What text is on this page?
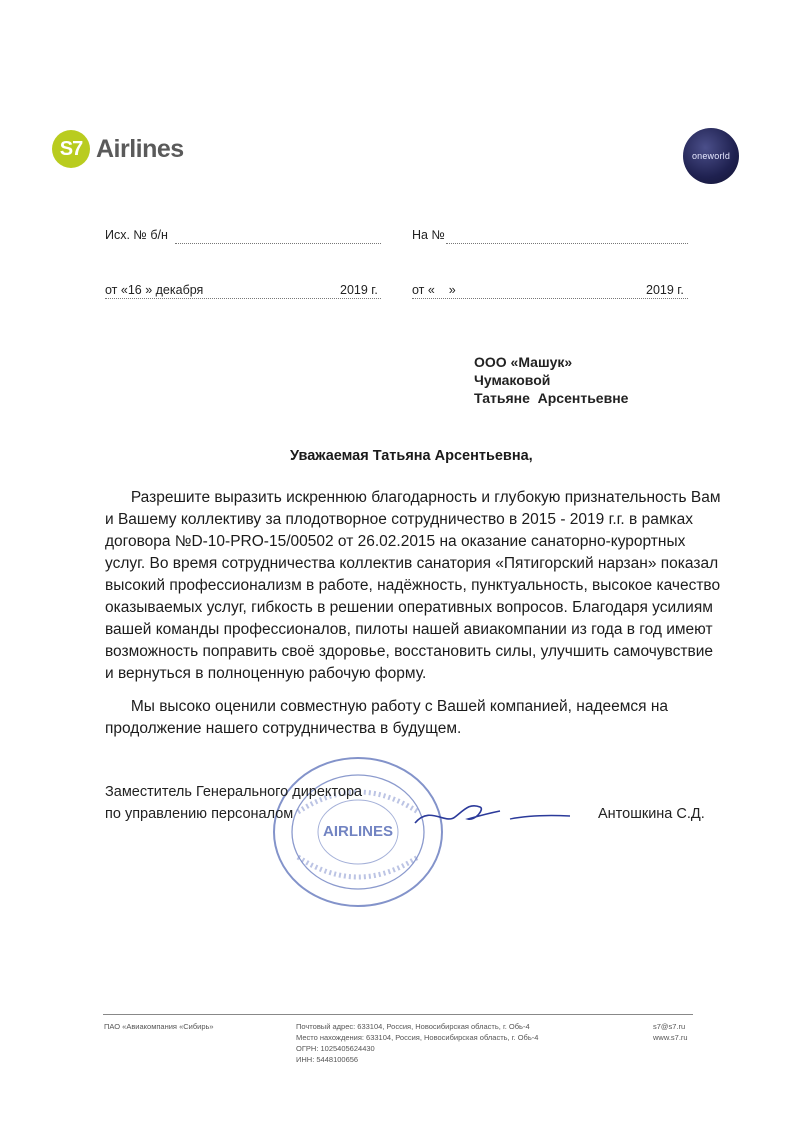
S7 Airlines	oneworld
Исх. № б/н	На №
от «16 » декабря	2019 г.	от «    »	2019 г.
ООО «Машук»
Чумаковой
Татьяне  Арсентьевне
Уважаемая Татьяна Арсентьевна,

Разрешите выразить искреннюю благодарность и глубокую признательность Вам и Вашему коллективу за плодотворное сотрудничество в 2015 - 2019 г.г. в рамках договора №D-10-PRO-15/00502 от 26.02.2015 на оказание санаторно-курортных услуг. Во время сотрудничества коллектив санатория «Пятигорский нарзан» показал высокий профессионализм в работе, надёжность, пунктуальность, высокое качество оказываемых услуг, гибкость в решении оперативных вопросов. Благодаря усилиям вашей команды профессионалов, пилоты нашей авиакомпании из года в год имеют возможность поправить своё здоровье, восстановить силы, улучшить самочувствие и вернуться в полноценную рабочую форму.

Мы высоко оценили совместную работу с Вашей компанией, надеемся на продолжение нашего сотрудничества в будущем.

AIRLINES
Заместитель Генерального директора
по управлению персоналом	Антошкина С.Д.
ПАО «Авиакомпания «Сибирь»	Почтовый адрес: 633104, Россия, Новосибирская область, г. Обь-4
Место нахождения: 633104, Россия, Новосибирская область, г. Обь-4
ОГРН: 1025405624430
ИНН: 5448100656
s7@s7.ru
www.s7.ru
